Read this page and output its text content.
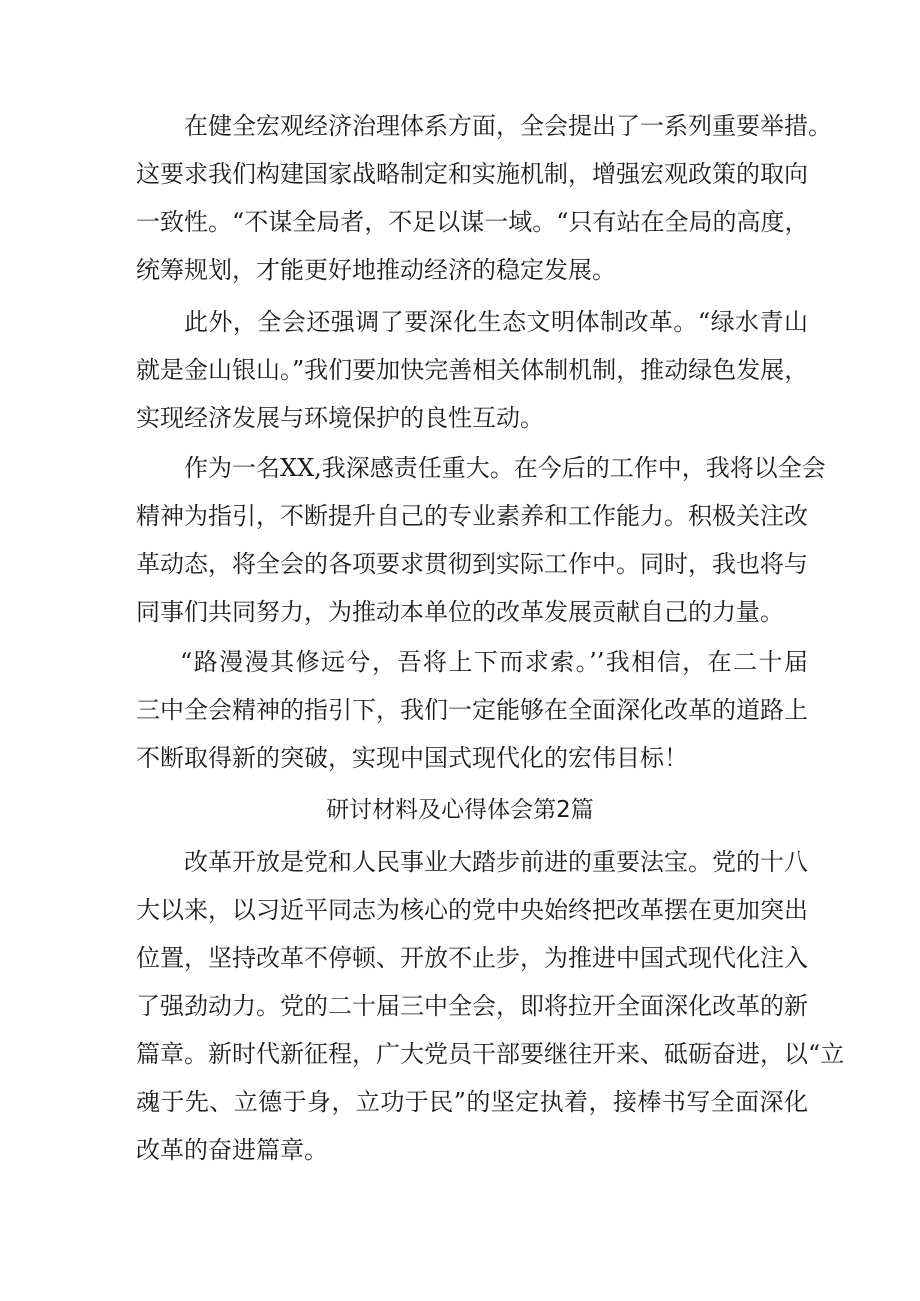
在健全宏观经济治理体系方面，全会提出了一系列重要举措。
这要求我们构建国家战略制定和实施机制，增强宏观政策的取向
一致性。“不谋全局者，不足以谋一域。“只有站在全局的高度，
统筹规划，才能更好地推动经济的稳定发展。
此外，全会还强调了要深化生态文明体制改革。“绿水青山
就是金山银山。”我们要加快完善相关体制机制，推动绿色发展，
实现经济发展与环境保护的良性互动。
作为一名XX,我深感责任重大。在今后的工作中，我将以全会
精神为指引，不断提升自己的专业素养和工作能力。积极关注改
革动态，将全会的各项要求贯彻到实际工作中。同时，我也将与
同事们共同努力，为推动本单位的改革发展贡献自己的力量。
“路漫漫其修远兮，吾将上下而求索。’’我相信，在二十届
三中全会精神的指引下，我们一定能够在全面深化改革的道路上
不断取得新的突破，实现中国式现代化的宏伟目标！
研讨材料及心得体会第2篇
改革开放是党和人民事业大踏步前进的重要法宝。党的十八
大以来，以习近平同志为核心的党中央始终把改革摆在更加突出
位置，坚持改革不停顿、开放不止步，为推进中国式现代化注入
了强劲动力。党的二十届三中全会，即将拉开全面深化改革的新
篇章。新时代新征程，广大党员干部要继往开来、砥砺奋进，以“立
魂于先、立德于身，立功于民”的坚定执着，接棒书写全面深化
改革的奋进篇章。
